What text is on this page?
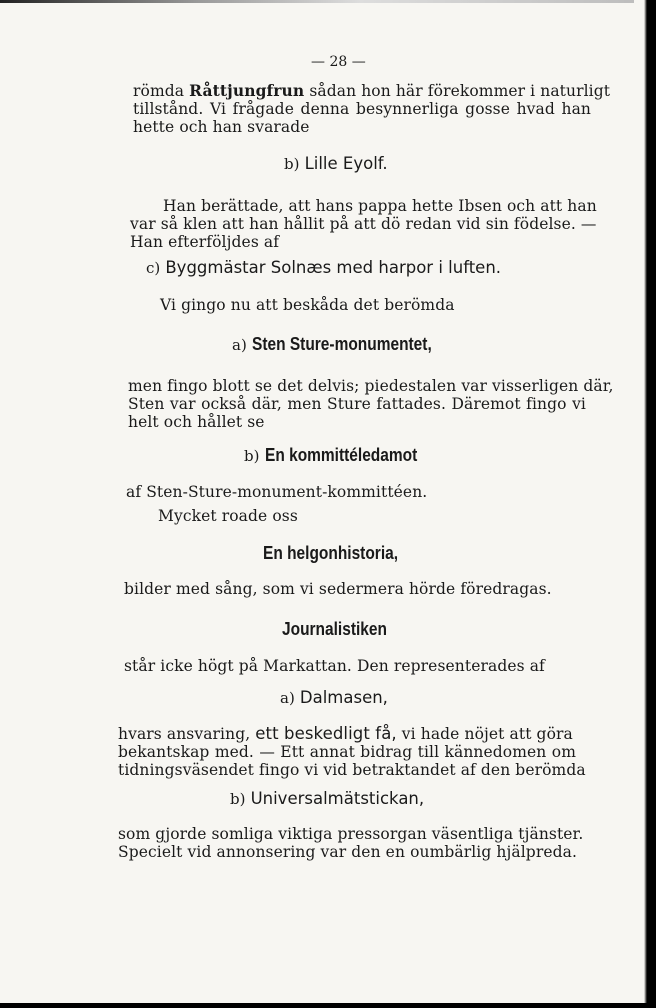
— 28 —

römda Råttjungfrun sådan hon här förekommer i naturligt

tillstånd. Vi frågade denna besynnerliga gosse hvad han

hette och han svarade

b) Lille Eyolf.

Han berättade, att hans pappa hette Ibsen och att han

var så klen att han hållit på att dö redan vid sin födelse. —

Han efterföljdes af

c) Byggmästar Solnæs med harpor i luften.

Vi gingo nu att beskåda det berömda

a) Sten Sture-monumentet,

men fingo blott se det delvis; piedestalen var visserligen där,

Sten var också där, men Sture fattades. Däremot fingo vi

helt och hållet se

b) En kommittéledamot

af Sten-Sture-monument-kommittéen.

Mycket roade oss

En helgonhistoria,

bilder med sång, som vi sedermera hörde föredragas.

Journalistiken

står icke högt på Markattan. Den representerades af

a) Dalmasen,

hvars ansvaring, ett beskedligt få, vi hade nöjet att göra

bekantskap med. — Ett annat bidrag till kännedomen om

tidningsväsendet fingo vi vid betraktandet af den berömda

b) Universalmätstickan,

som gjorde somliga viktiga pressorgan väsentliga tjänster.

Specielt vid annonsering var den en oumbärlig hjälpreda.
